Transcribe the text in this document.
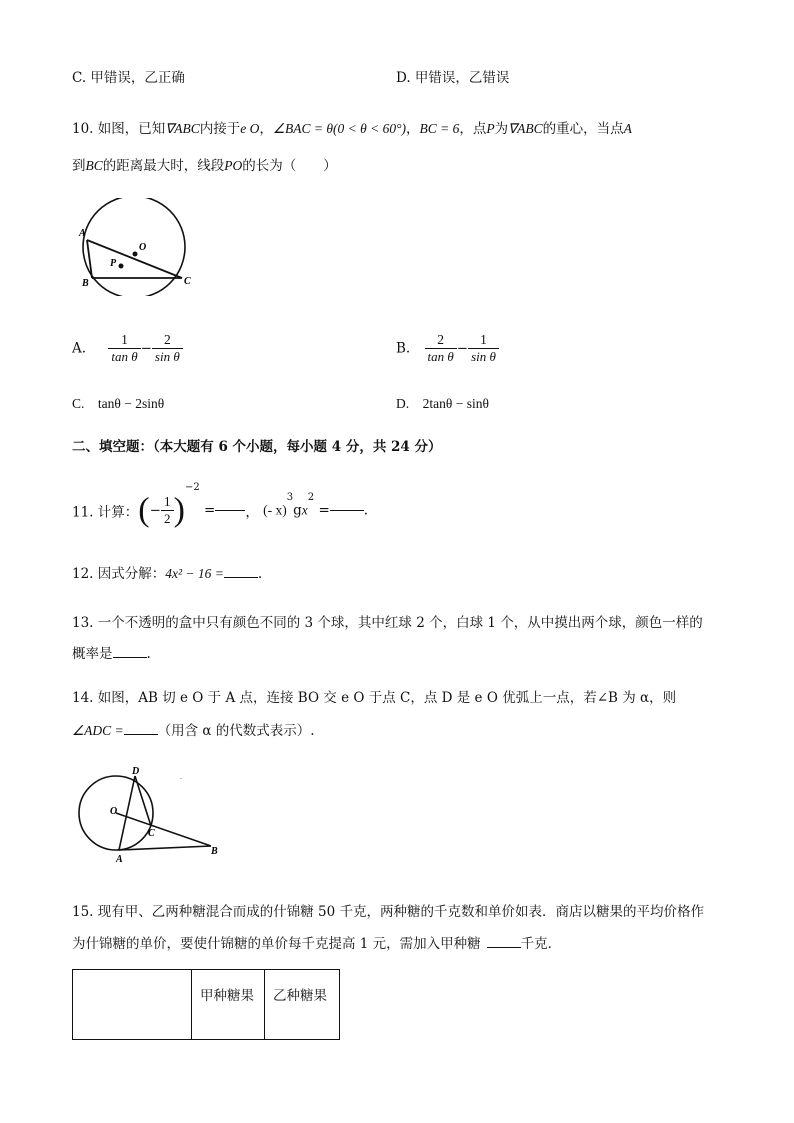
C. 甲错误，乙正确	D. 甲错误，乙错误
10. 如图，已知∇ABC内接于e O，∠BAC = θ(0 < θ < 60°)，BC = 6，点P为∇ABC的重心，当点A
到BC的距离最大时，线段PO的长为（　　）
A
B	C
O
P
A. $\frac{1}{\text{tan θ}} - \frac{2}{\text{sin θ}}$	B. $\frac{2}{\text{tan θ}} - \frac{1}{\text{sin θ}}$
C.　tanθ − 2sinθ	D.　2tanθ − sinθ
二、填空题：（本大题有 6 个小题，每小题 4 分，共 24 分）
11. 计算：(− $\frac{1}{2} )^{-2}$ = ， (- $x)^3gx^2$ =	.
12. 因式分解：4x² − 16 =	.
13. 一个不透明的盒中只有颜色不同的 3 个球，其中红球 2 个，白球 1 个，从中摸出两个球，颜色一样的
概率是	.
14. 如图，AB 切 e O 于 A 点，连接 BO 交 e O 于点 C，点 D 是 e O 优弧上一点，若∠B 为 α，则
∠ADC =	（用含 α 的代数式表示）.
D
O
C
A
B
·
15. 现有甲、乙两种糖混合而成的什锦糖 50 千克，两种糖的千克数和单价如表．商店以糖果的平均价格作
为什锦糖的单价，要使什锦糖的单价每千克提高 1 元，需加入甲种糖	千克．
	甲种糖果	乙种糖果
